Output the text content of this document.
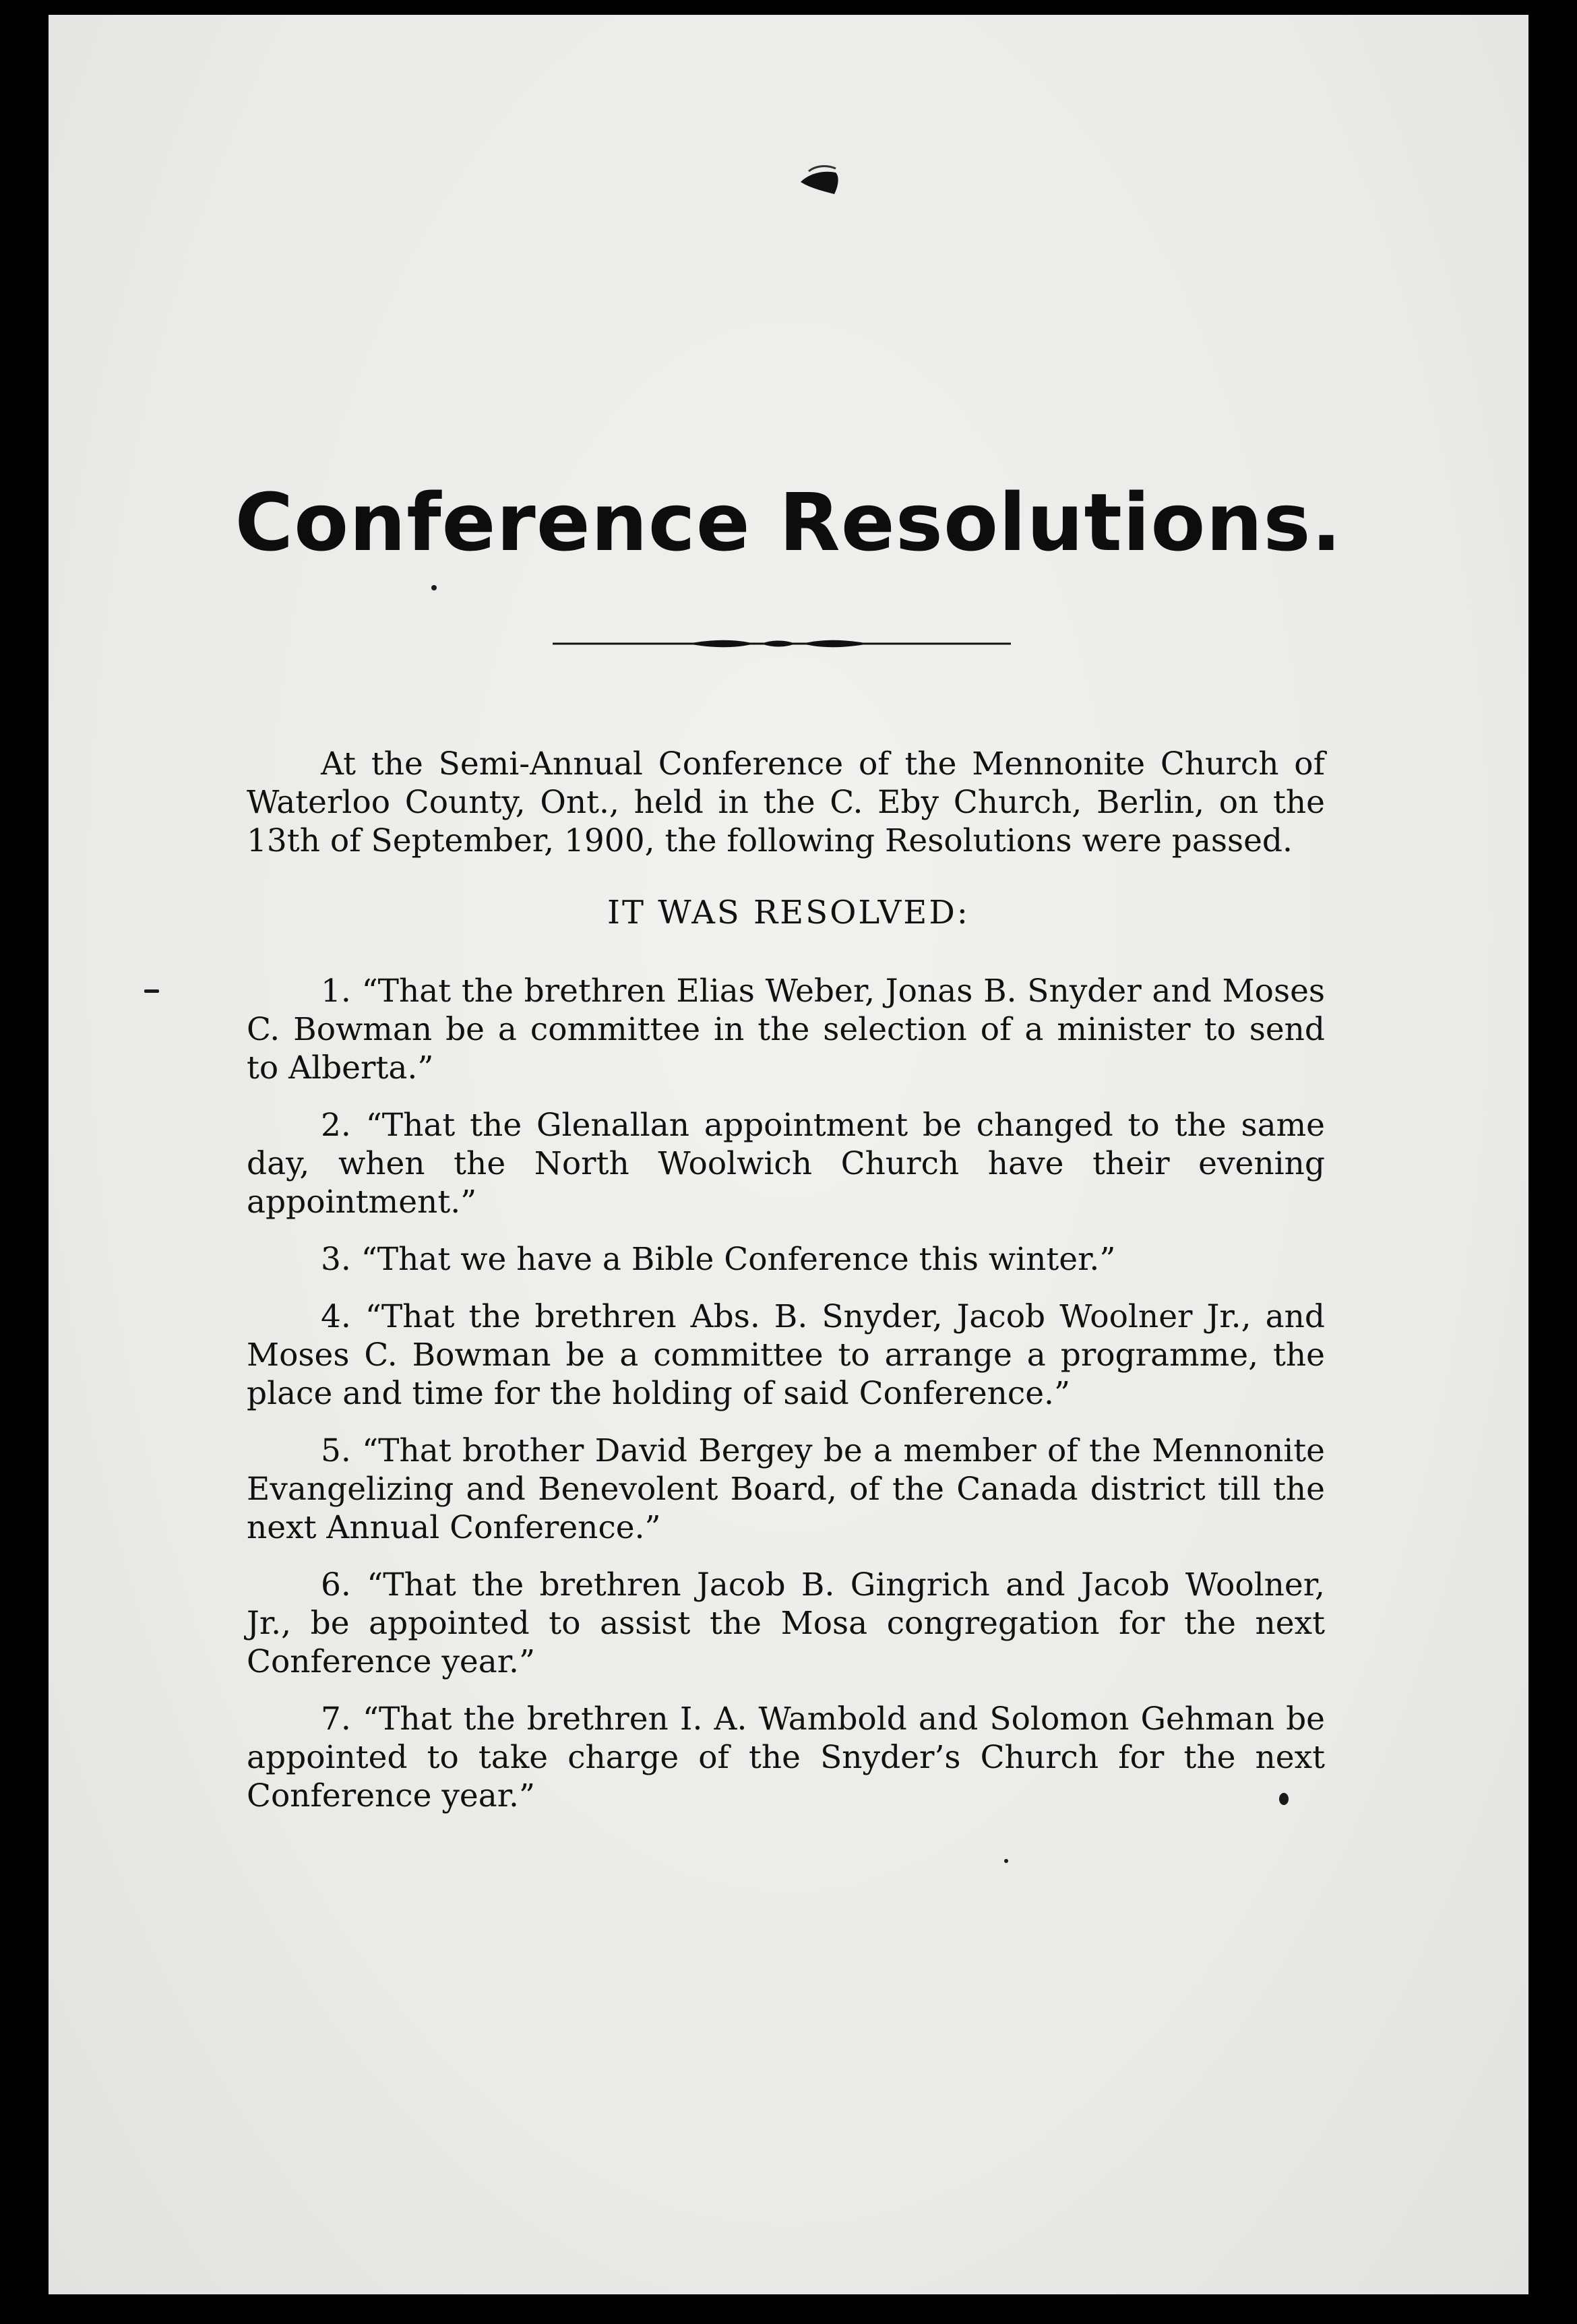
Conference Resolutions.

At the Semi-Annual Conference of the Mennonite Church of Waterloo County, Ont., held in the C. Eby Church, Berlin, on the 13th of September, 1900, the following Resolutions were passed.

IT WAS RESOLVED:
1. “That the brethren Elias Weber, Jonas B. Snyder and Moses C. Bowman be a committee in the selection of a minister to send to Alberta.”
2. “That the Glenallan appointment be changed to the same day, when the North Woolwich Church have their evening appointment.”
3. “That we have a Bible Conference this winter.”
4. “That the brethren Abs. B. Snyder, Jacob Woolner Jr., and Moses C. Bowman be a committee to arrange a programme, the place and time for the holding of said Conference.”
5. “That brother David Bergey be a member of the Mennonite Evangelizing and Benevolent Board, of the Canada district till the next Annual Conference.”
6. “That the brethren Jacob B. Gingrich and Jacob Woolner, Jr., be appointed to assist the Mosa congregation for the next Conference year.”
7. “That the brethren I. A. Wambold and Solomon Gehman be appointed to take charge of the Snyder’s Church for the next Conference year.”
